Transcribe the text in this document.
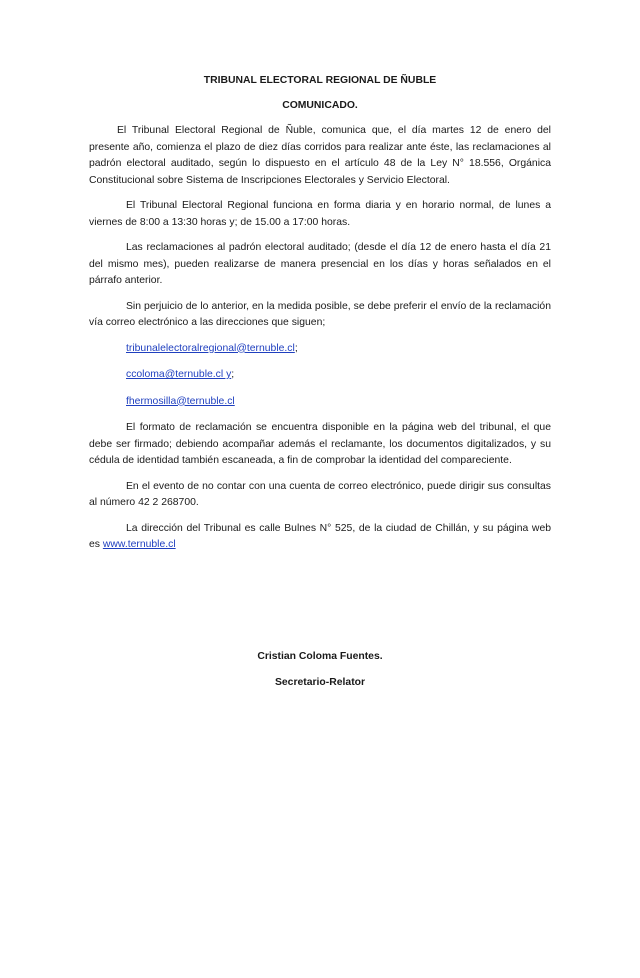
TRIBUNAL ELECTORAL REGIONAL DE ÑUBLE

COMUNICADO.

El Tribunal Electoral Regional de Ñuble, comunica que, el día martes 12 de enero del presente año, comienza el plazo de diez días corridos para realizar ante éste, las reclamaciones al padrón electoral auditado, según lo dispuesto en el artículo 48 de la Ley N° 18.556, Orgánica Constitucional sobre Sistema de Inscripciones Electorales y Servicio Electoral.

El Tribunal Electoral Regional funciona en forma diaria y en horario normal, de lunes a viernes de 8:00 a 13:30 horas y; de 15.00 a 17:00 horas.

Las reclamaciones al padrón electoral auditado; (desde el día 12 de enero hasta el día 21 del mismo mes), pueden realizarse de manera presencial en los días y horas señalados en el párrafo anterior.

Sin perjuicio de lo anterior, en la medida posible, se debe preferir el envío de la reclamación vía correo electrónico a las direcciones que siguen;

tribunalelectoralregional@ternuble.cl;
ccoloma@ternuble.cl y;
fhermosilla@ternuble.cl

El formato de reclamación se encuentra disponible en la página web del tribunal, el que debe ser firmado; debiendo acompañar además el reclamante, los documentos digitalizados, y su cédula de identidad también escaneada, a fin de comprobar la identidad del compareciente.

En el evento de no contar con una cuenta de correo electrónico, puede dirigir sus consultas al número 42 2 268700.

La dirección del Tribunal es calle Bulnes N° 525, de la ciudad de Chillán, y su página web es www.ternuble.cl

Cristian Coloma Fuentes.
Secretario-Relator
